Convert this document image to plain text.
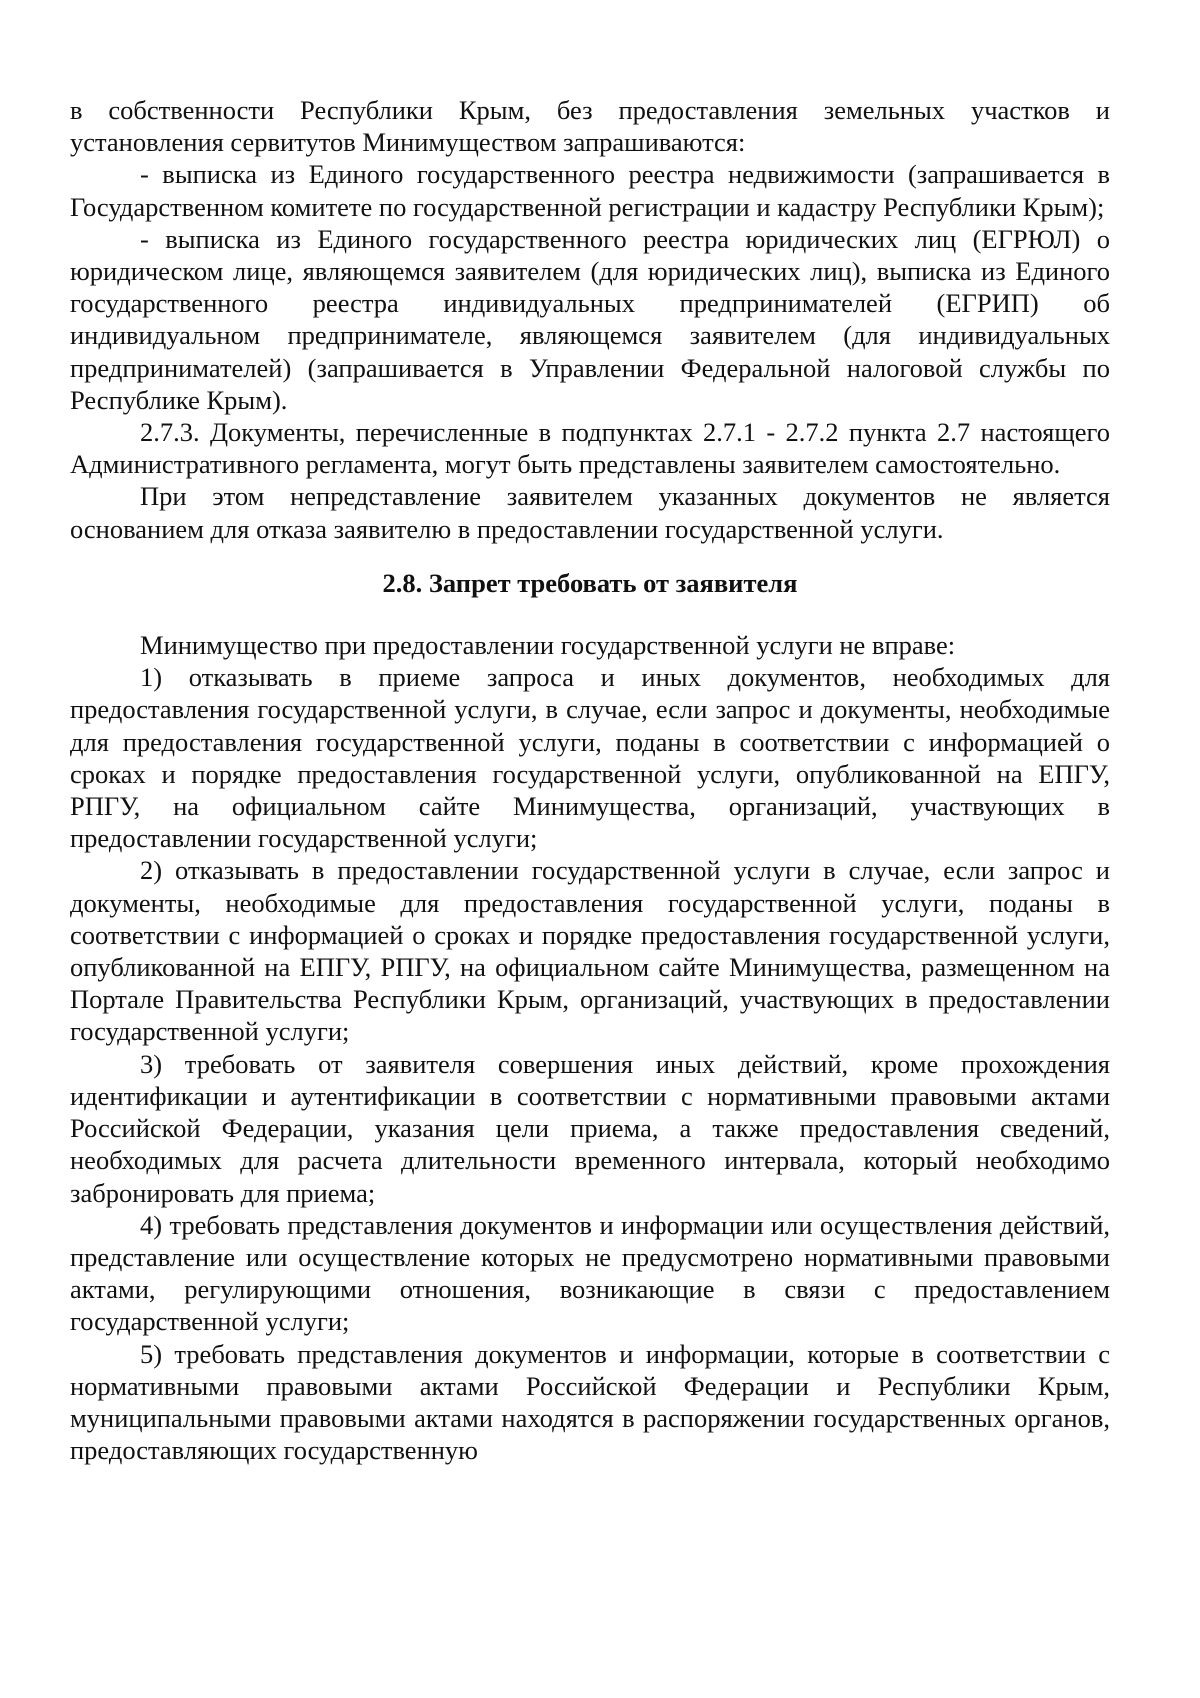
в собственности Республики Крым, без предоставления земельных участков и установления сервитутов Минимуществом запрашиваются:

- выписка из Единого государственного реестра недвижимости (запрашивается в Государственном комитете по государственной регистрации и кадастру Республики Крым);

- выписка из Единого государственного реестра юридических лиц (ЕГРЮЛ) о юридическом лице, являющемся заявителем (для юридических лиц), выписка из Единого государственного реестра индивидуальных предпринимателей (ЕГРИП) об индивидуальном предпринимателе, являющемся заявителем (для индивидуальных предпринимателей) (запрашивается в Управлении Федеральной налоговой службы по Республике Крым).

2.7.3. Документы, перечисленные в подпунктах 2.7.1 - 2.7.2 пункта 2.7 настоящего Административного регламента, могут быть представлены заявителем самостоятельно.

При этом непредставление заявителем указанных документов не является основанием для отказа заявителю в предоставлении государственной услуги.

2.8. Запрет требовать от заявителя

Минимущество при предоставлении государственной услуги не вправе:

1) отказывать в приеме запроса и иных документов, необходимых для предоставления государственной услуги, в случае, если запрос и документы, необходимые для предоставления государственной услуги, поданы в соответствии с информацией о сроках и порядке предоставления государственной услуги, опубликованной на ЕПГУ, РПГУ, на официальном сайте Минимущества, организаций, участвующих в предоставлении государственной услуги;

2) отказывать в предоставлении государственной услуги в случае, если запрос и документы, необходимые для предоставления государственной услуги, поданы в соответствии с информацией о сроках и порядке предоставления государственной услуги, опубликованной на ЕПГУ, РПГУ, на официальном сайте Минимущества, размещенном на Портале Правительства Республики Крым, организаций, участвующих в предоставлении государственной услуги;

3) требовать от заявителя совершения иных действий, кроме прохождения идентификации и аутентификации в соответствии с нормативными правовыми актами Российской Федерации, указания цели приема, а также предоставления сведений, необходимых для расчета длительности временного интервала, который необходимо забронировать для приема;

4) требовать представления документов и информации или осуществления действий, представление или осуществление которых не предусмотрено нормативными правовыми актами, регулирующими отношения, возникающие в связи с предоставлением государственной услуги;

5) требовать представления документов и информации, которые в соответствии с нормативными правовыми актами Российской Федерации и Республики Крым, муниципальными правовыми актами находятся в распоряжении государственных органов, предоставляющих государственную
